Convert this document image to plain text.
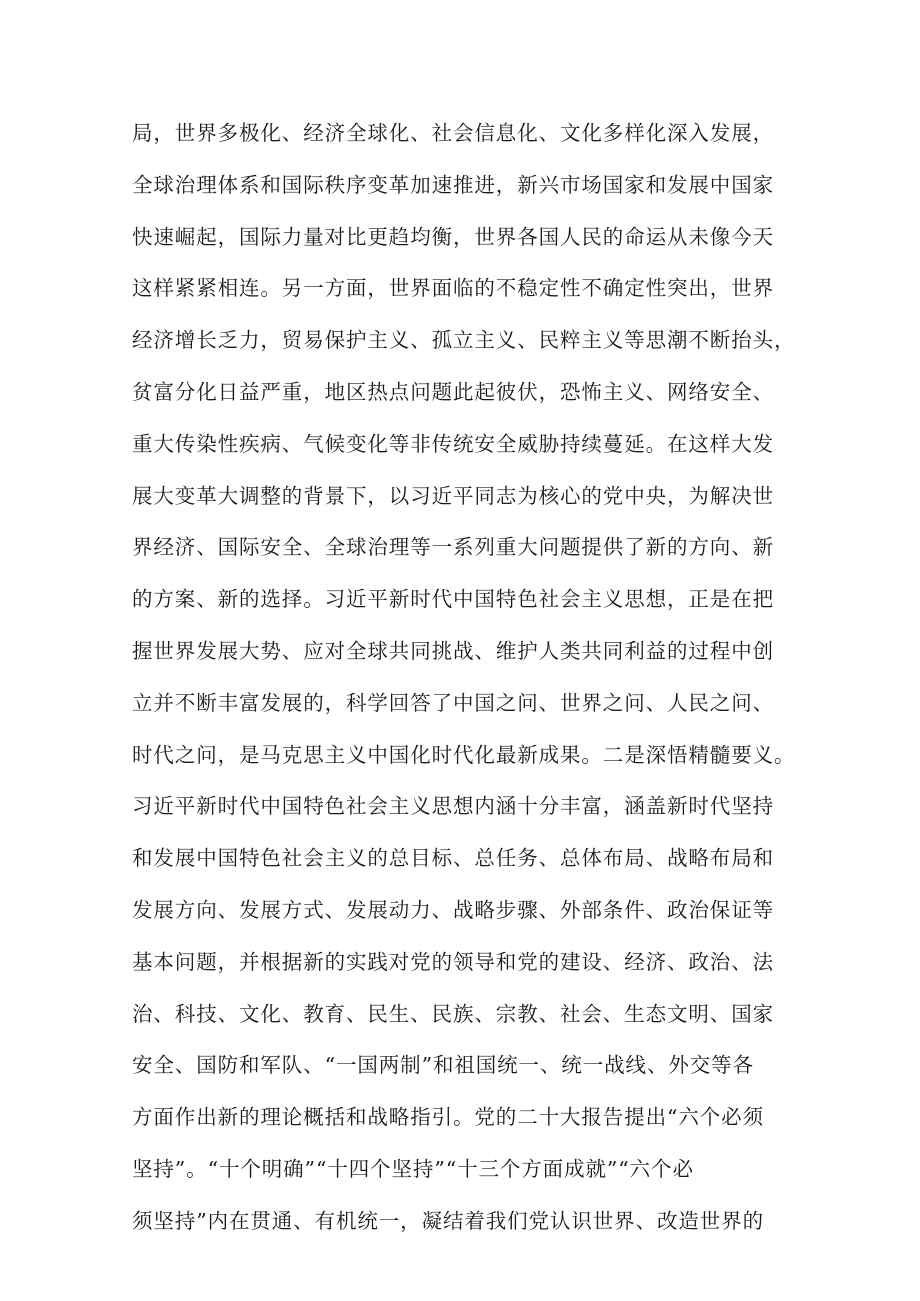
局，世界多极化、经济全球化、社会信息化、文化多样化深入发展，
全球治理体系和国际秩序变革加速推进，新兴市场国家和发展中国家
快速崛起，国际力量对比更趋均衡，世界各国人民的命运从未像今天
这样紧紧相连。另一方面，世界面临的不稳定性不确定性突出，世界
经济增长乏力，贸易保护主义、孤立主义、民粹主义等思潮不断抬头，
贫富分化日益严重，地区热点问题此起彼伏，恐怖主义、网络安全、
重大传染性疾病、气候变化等非传统安全威胁持续蔓延。在这样大发
展大变革大调整的背景下，以习近平同志为核心的党中央，为解决世
界经济、国际安全、全球治理等一系列重大问题提供了新的方向、新
的方案、新的选择。习近平新时代中国特色社会主义思想，正是在把
握世界发展大势、应对全球共同挑战、维护人类共同利益的过程中创
立并不断丰富发展的，科学回答了中国之问、世界之问、人民之问、
时代之问，是马克思主义中国化时代化最新成果。二是深悟精髓要义。
习近平新时代中国特色社会主义思想内涵十分丰富，涵盖新时代坚持
和发展中国特色社会主义的总目标、总任务、总体布局、战略布局和
发展方向、发展方式、发展动力、战略步骤、外部条件、政治保证等
基本问题，并根据新的实践对党的领导和党的建设、经济、政治、法
治、科技、文化、教育、民生、民族、宗教、社会、生态文明、国家
安全、国防和军队、“一国两制”和祖国统一、统一战线、外交等各
方面作出新的理论概括和战略指引。党的二十大报告提出“六个必须
坚持”。“十个明确”“十四个坚持”“十三个方面成就”“六个必
须坚持”内在贯通、有机统一，凝结着我们党认识世界、改造世界的
